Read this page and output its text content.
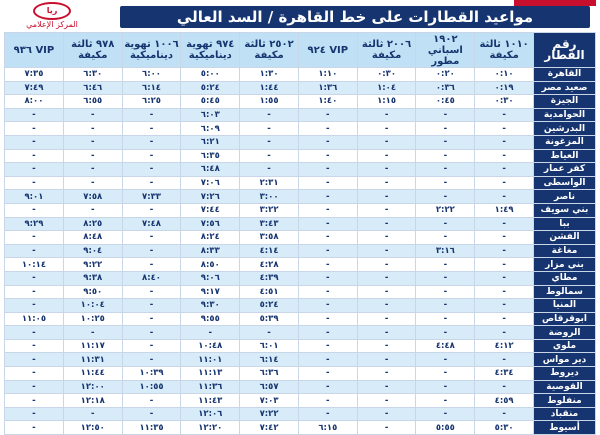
ريا
المركز الإعلامي	مواعيد القطارات على خط القاهرة / السد العالي
رقم القطار	١٠١٠ ثالثة مكيفة	١٩٠٢ اسباني مطور	٢٠٠٦ ثالثة مكيفة	VIP ٩٢٤	٢٥٠٢ ثالثة مكيفة	٩٧٤ تهوية ديناميكية	١٠٠٦ تهوية ديناميكية	٩٧٨ ثالثة مكيفة	VIP ٩٣٦
القاهرة	٠:١٠	٠:٢٠	٠:٣٠	١:١٠	١:٣٠	٥:٠٠	٦:٠٠	٦:٣٠	٧:٣٥
صعيد مصر	٠:١٩	٠:٣٦	١:٠٤	١:٣٦	١:٤٤	٥:٢٤	٦:١٤	٦:٤٦	٧:٤٩
الجيزة	٠:٣٠	٠:٤٥	١:١٥	١:٤٠	١:٥٥	٥:٤٥	٦:٢٥	٦:٥٥	٨:٠٠
الحوامدية	-	-	-	-	-	٦:٠٣	-	-	-
البدرشين	-	-	-	-	-	٦:٠٩	-	-	-
المزغونة	-	-	-	-	-	٦:٢١	-	-	-
العياط	-	-	-	-	-	٦:٣٥	-	-	-
كفر عمار	-	-	-	-	-	٦:٤٨	-	-	-
الواسطى	-	-	-	-	٢:٣١	٧:٠٦	-	-	-
ناصر	-	-	-	-	٣:٠٠	٧:٢٦	٧:٣٣	٧:٥٨	٩:٠١
بني سويف	١:٤٩	٢:٢٢	-	-	٣:٢٢	٧:٤٤	-	-	-
ببا	-	-	-	-	٣:٤٣	٧:٥٦	٧:٤٨	٨:٢٥	٩:٢٩
الفشن	-	-	-	-	٣:٥٨	٨:٢٤	-	٨:٤٨	-
مغاغة	-	٣:١٦	-	-	٤:١٤	٨:٣٣	-	٩:٠٤	-
بني مزار	-	-	-	-	٤:٢٨	٨:٥٠	-	٩:٢٢	١٠:١٤
مطاي	-	-	-	-	٤:٣٩	٩:٠٦	٨:٤٠	٩:٣٨	-
سمالوط	-	-	-	-	٤:٥١	٩:١٧	-	٩:٥٠	-
المنيا	-	-	-	-	٥:٢٤	٩:٣٠	-	١٠:٠٤	-
ابوقرقاص	-	-	-	-	٥:٣٩	٩:٥٥	-	١٠:٢٥	١١:٠٥
الروضة	-	-	-	-	-	-	-	-	-
ملوي	٤:١٢	٤:٤٨	-	-	٦:٠١	١٠:٤٨	-	١١:١٧	-
دير مواس	-	-	-	-	٦:١٤	١١:٠١	-	١١:٣١	-
ديروط	٤:٣٤	-	-	-	٦:٣٦	١١:١٣	١٠:٣٩	١١:٤٤	-
القوصية	-	-	-	-	٦:٥٧	١١:٣٦	١٠:٥٥	١٢:٠٠	-
منفلوط	٤:٥٩	-	-	-	٧:٠٣	١١:٤٣	-	١٢:١٨	-
منقباد	-	-	-	-	٧:٢٢	١٢:٠٦	-	-	-
أسيوط	٥:٣٠	٥:٥٥	-	٦:١٥	٧:٤٢	١٢:٢٠	١١:٣٥	١٢:٥٠	-
